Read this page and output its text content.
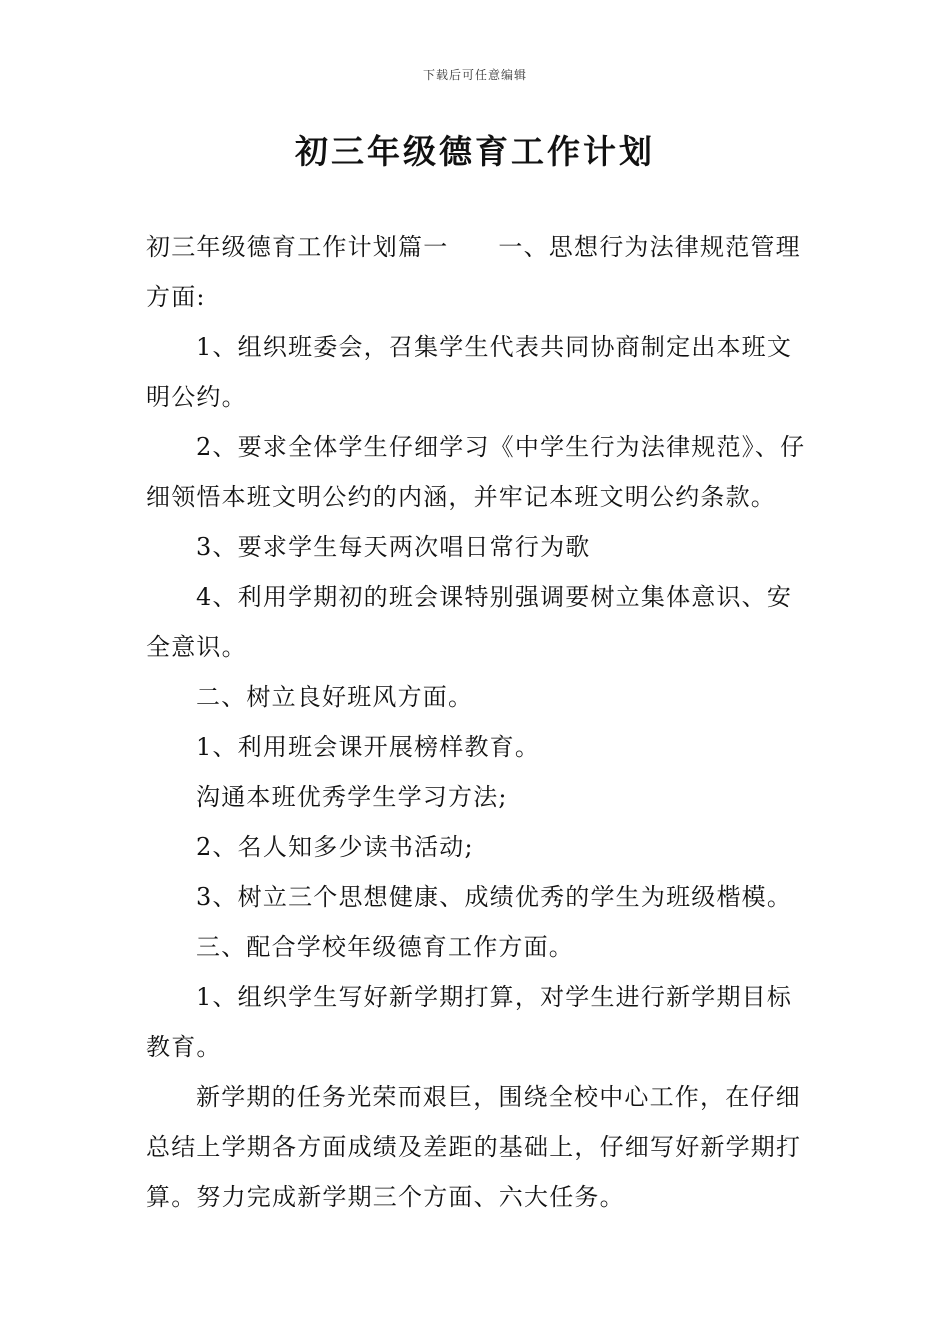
下载后可任意编辑
初三年级德育工作计划

初三年级德育工作计划篇一 一、思想行为法律规范管理方面:

1、组织班委会，召集学生代表共同协商制定出本班文明公约。

2、要求全体学生仔细学习《中学生行为法律规范》、仔细领悟本班文明公约的内涵，并牢记本班文明公约条款。

3、要求学生每天两次唱日常行为歌

4、利用学期初的班会课特别强调要树立集体意识、安全意识。

二、树立良好班风方面。

1、利用班会课开展榜样教育。

沟通本班优秀学生学习方法;

2、名人知多少读书活动;

3、树立三个思想健康、成绩优秀的学生为班级楷模。

三、配合学校年级德育工作方面。

1、组织学生写好新学期打算，对学生进行新学期目标教育。

新学期的任务光荣而艰巨，围绕全校中心工作，在仔细总结上学期各方面成绩及差距的基础上，仔细写好新学期打算。努力完成新学期三个方面、六大任务。
